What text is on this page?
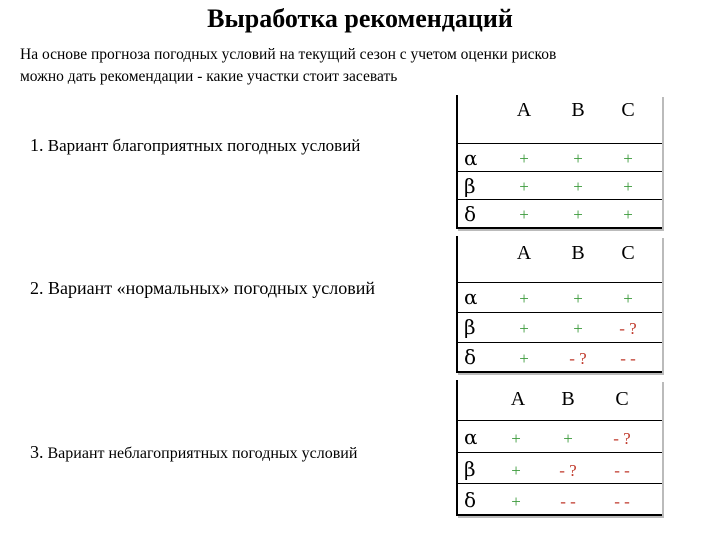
Выработка рекомендаций
На основе прогноза погодных условий на текущий сезон с учетом оценки рисков
можно дать рекомендации - какие участки стоит засевать
1. Вариант благоприятных погодных условий
A	B	C
α	+	+	+
β	+	+	+
δ	+	+	+
2. Вариант «нормальных» погодных условий
A	B	C
α	+	+	+
β	+	+	- ?
δ	+	- ?	- -
3. Вариант неблагоприятных погодных условий
A	B	C
α	+	+	- ?
β	+	- ?	- -
δ	+	- -	- -
